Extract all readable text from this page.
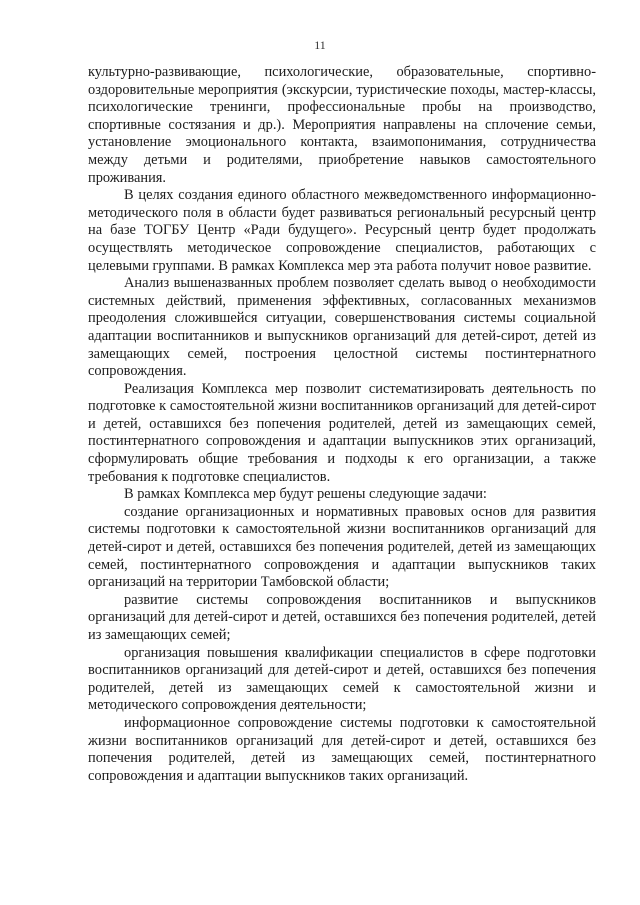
11

культурно-развивающие, психологические, образовательные, спортивно-оздоровительные мероприятия (экскурсии, туристические походы, мастер-классы, психологические тренинги, профессиональные пробы на производство, спортивные состязания и др.). Мероприятия направлены на сплочение семьи, установление эмоционального контакта, взаимопонимания, сотрудничества между детьми и родителями, приобретение навыков самостоятельного проживания.

В целях создания единого областного межведомственного информационно-методического поля в области будет развиваться региональный ресурсный центр на базе ТОГБУ Центр «Ради будущего». Ресурсный центр будет продолжать осуществлять методическое сопровождение специалистов, работающих с целевыми группами. В рамках Комплекса мер эта работа получит новое развитие.

Анализ вышеназванных проблем позволяет сделать вывод о необходимости системных действий, применения эффективных, согласованных механизмов преодоления сложившейся ситуации, совершенствования системы социальной адаптации воспитанников и выпускников организаций для детей-сирот, детей из замещающих семей, построения целостной системы постинтернатного сопровождения.

Реализация Комплекса мер позволит систематизировать деятельность по подготовке к самостоятельной жизни воспитанников организаций для детей-сирот и детей, оставшихся без попечения родителей, детей из замещающих семей, постинтернатного сопровождения и адаптации выпускников этих организаций, сформулировать общие требования и подходы к его организации, а также требования к подготовке специалистов.

В рамках Комплекса мер будут решены следующие задачи:

создание организационных и нормативных правовых основ для развития системы подготовки к самостоятельной жизни воспитанников организаций для детей-сирот и детей, оставшихся без попечения родителей, детей из замещающих семей, постинтернатного сопровождения и адаптации выпускников таких организаций на территории Тамбовской области;

развитие системы сопровождения воспитанников и выпускников организаций для детей-сирот и детей, оставшихся без попечения родителей, детей из замещающих семей;

организация повышения квалификации специалистов в сфере подготовки воспитанников организаций для детей-сирот и детей, оставшихся без попечения родителей, детей из замещающих семей к самостоятельной жизни и методического сопровождения деятельности;

информационное сопровождение системы подготовки к самостоятельной жизни воспитанников организаций для детей-сирот и детей, оставшихся без попечения родителей, детей из замещающих семей, постинтернатного сопровождения и адаптации выпускников таких организаций.
